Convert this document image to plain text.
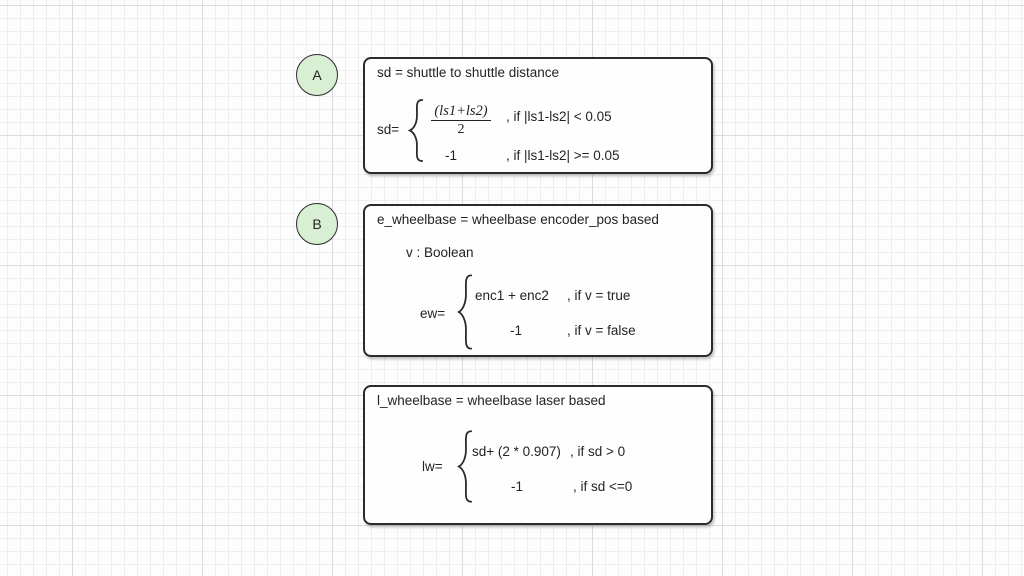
A
B
sd = shuttle to shuttle distance
$sd= \frac{(ls1+ls2)}{2}$ , if |ls1-ls2| < 0.05
-1	, if |ls1-ls2| >= 0.05
e_wheelbase = wheelbase encoder_pos based
v : Boolean
ew=
enc1 + enc2 , if v = true
-1	, if v = false
l_wheelbase = wheelbase laser based
lw=
sd+ (2 * 0.907) , if sd > 0
-1	, if sd <=0
